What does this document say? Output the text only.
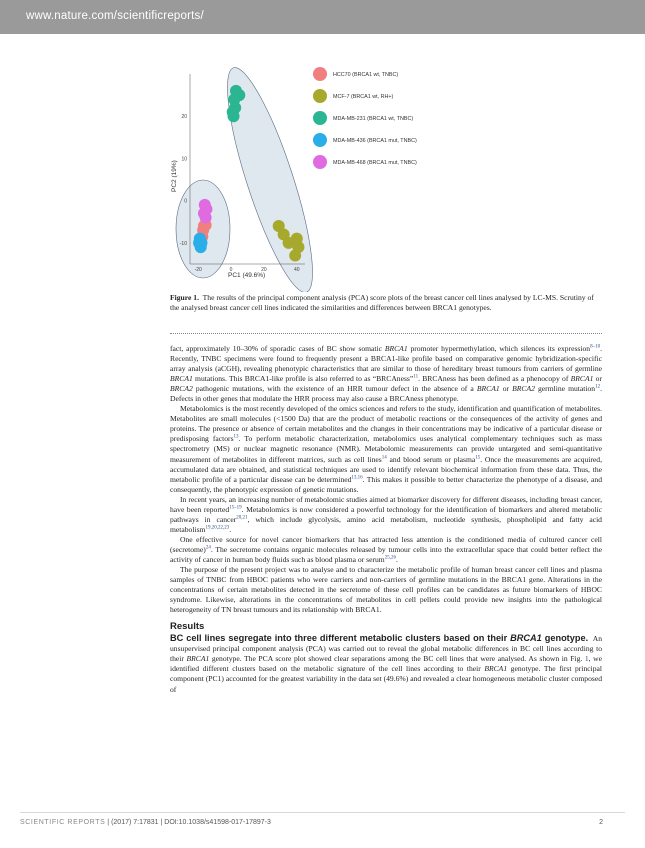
www.nature.com/scientificreports/
-20	0	20	40
20
10
0
-10
PC1 (49.6%)
PC2 (19%)
HCC70 (BRCA1 wt, TNBC)
MCF-7 (BRCA1 wt, RH+)
MDA-MB-231 (BRCA1 wt, TNBC)
MDA-MB-436 (BRCA1 mut, TNBC)
MDA-MB-468 (BRCA1 mut, TNBC)
Figure 1. The results of the principal component analysis (PCA) score plots of the breast cancer cell lines analysed by LC-MS. Scrutiny of the analysed breast cancer cell lines indicated the similarities and differences between BRCA1 genotypes.

fact, approximately 10–30% of sporadic cases of BC show somatic BRCA1 promoter hypermethylation, which silences its expression$^{8-10}$. Recently, TNBC specimens were found to frequently present a BRCA1-like profile based on comparative genomic hybridization-specific array analysis (aCGH), revealing phenotypic characteristics that are similar to those of hereditary breast tumours from carriers of germline BRCA1 mutations. This BRCA1-like profile is also referred to as “BRCAness”$^{11}$. BRCAness has been defined as a phenocopy of BRCA1 or BRCA2 pathogenic mutations, with the existence of an HRR tumour defect in the absence of a BRCA1 or BRCA2 germline mutation$^{12}$. Defects in other genes that modulate the HRR process may also cause a BRCAness phenotype.

Metabolomics is the most recently developed of the omics sciences and refers to the study, identification and quantification of metabolites. Metabolites are small molecules (<1500 Da) that are the product of metabolic reactions or the consequences of the activity of genes and proteins. The presence or absence of certain metabolites and the changes in their concentrations may be indicative of a particular disease or predisposing factors$^{13}$. To perform metabolic characterization, metabolomics uses analytical complementary techniques such as mass spectrometry (MS) or nuclear magnetic resonance (NMR). Metabolomic measurements can provide untargeted and semi-quantitative measurement of metabolites in different matrices, such as cell lines$^{14}$ and blood serum or plasma$^{15}$. Once the measurements are acquired, accumulated data are obtained, and statistical techniques are used to identify relevant biochemical information from these data. Thus, the metabolic profile of a particular disease can be determined$^{13,16}$. This makes it possible to better characterize the phenotype of a disease, and consequently, the phenotypic expression of genetic mutations.

In recent years, an increasing number of metabolomic studies aimed at biomarker discovery for different diseases, including breast cancer, have been reported$^{15-19}$. Metabolomics is now considered a powerful technology for the identification of biomarkers and altered metabolic pathways in cancer$^{20,21}$, which include glycolysis, amino acid metabolism, nucleotide synthesis, phospholipid and fatty acid metabolism$^{19,20,22,23}$.

One effective source for novel cancer biomarkers that has attracted less attention is the conditioned media of cultured cancer cell (secretome)$^{24}$. The secretome contains organic molecules released by tumour cells into the extracellular space that could better reflect the activity of cancer in human body fluids such as blood plasma or serum$^{25,26}$.

The purpose of the present project was to analyse and to characterize the metabolic profile of human breast cancer cell lines and plasma samples of TNBC from HBOC patients who were carriers and non-carriers of germline mutations in the BRCA1 gene. Alterations in the concentrations of certain metabolites detected in the secretome of these cell profiles can be candidates as future biomarkers of HBOC syndrome. Likewise, alterations in the concentrations of metabolites in cell pellets could provide new insights into the pathological heterogeneity of TN breast tumours and its relationship with BRCA1.

Results

BC cell lines segregate into three different metabolic clusters based on their BRCA1 genotype. An unsupervised principal component analysis (PCA) was carried out to reveal the global metabolic differences in BC cell lines according to their BRCA1 genotype. The PCA score plot showed clear separations among the BC cell lines that were analysed. As shown in Fig. 1, we identified different clusters based on the metabolic signature of the cell lines according to their BRCA1 genotype. The first principal component (PC1) accounted for the greatest variability in the data set (49.6%) and revealed a clear homogeneous metabolic cluster composed of

SCIENTIFIC REPORTS | (2017) 7:17831 | DOI:10.1038/s41598-017-17897-3	2
